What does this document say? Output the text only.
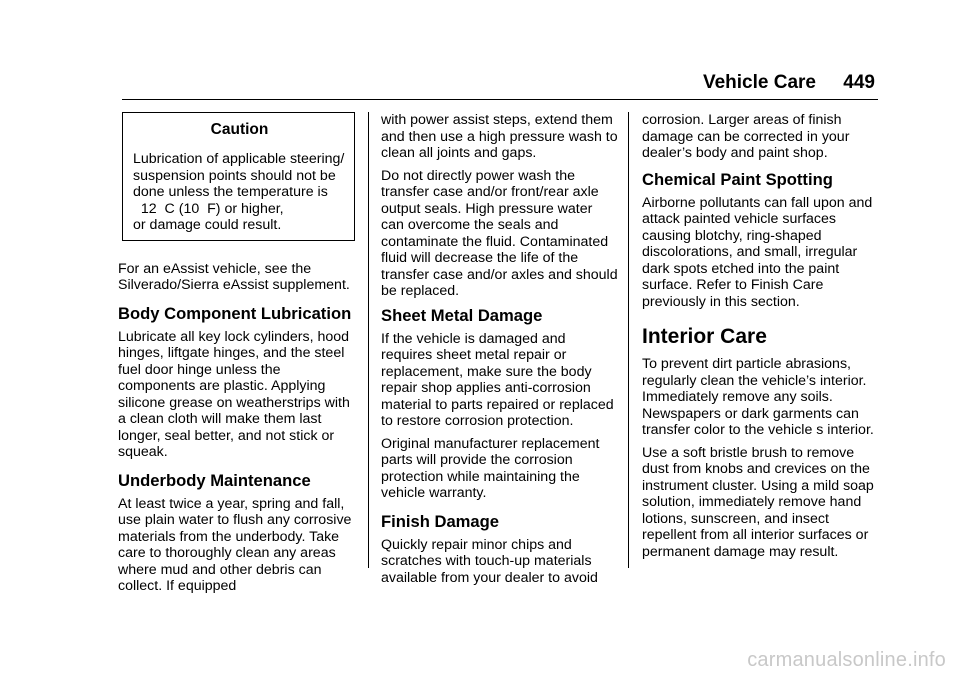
Vehicle Care 449
Caution
Lubrication of applicable steering/
suspension points should not be
done unless the temperature is
12  C (10  F) or higher,
or damage could result.

For an eAssist vehicle, see the Silverado/Sierra eAssist supplement.

Body Component Lubrication

Lubricate all key lock cylinders, hood hinges, liftgate hinges, and the steel fuel door hinge unless the components are plastic. Applying silicone grease on weatherstrips with a clean cloth will make them last longer, seal better, and not stick or squeak.

Underbody Maintenance

At least twice a year, spring and fall, use plain water to flush any corrosive materials from the underbody. Take care to thoroughly clean any areas where mud and other debris can collect. If equipped

with power assist steps, extend them and then use a high pressure wash to clean all joints and gaps.

Do not directly power wash the transfer case and/or front/rear axle output seals. High pressure water can overcome the seals and contaminate the fluid. Contaminated fluid will decrease the life of the transfer case and/or axles and should be replaced.

Sheet Metal Damage

If the vehicle is damaged and requires sheet metal repair or replacement, make sure the body repair shop applies anti-corrosion material to parts repaired or replaced to restore corrosion protection.

Original manufacturer replacement parts will provide the corrosion protection while maintaining the vehicle warranty.

Finish Damage

Quickly repair minor chips and scratches with touch-up materials available from your dealer to avoid

corrosion. Larger areas of finish damage can be corrected in your dealer’s body and paint shop.

Chemical Paint Spotting

Airborne pollutants can fall upon and attack painted vehicle surfaces causing blotchy, ring-shaped discolorations, and small, irregular dark spots etched into the paint surface. Refer to Finish Care previously in this section.

Interior Care

To prevent dirt particle abrasions, regularly clean the vehicle’s interior. Immediately remove any soils. Newspapers or dark garments can transfer color to the vehicle s interior.

Use a soft bristle brush to remove dust from knobs and crevices on the instrument cluster. Using a mild soap solution, immediately remove hand lotions, sunscreen, and insect repellent from all interior surfaces or permanent damage may result.

carmanualsonline.info
